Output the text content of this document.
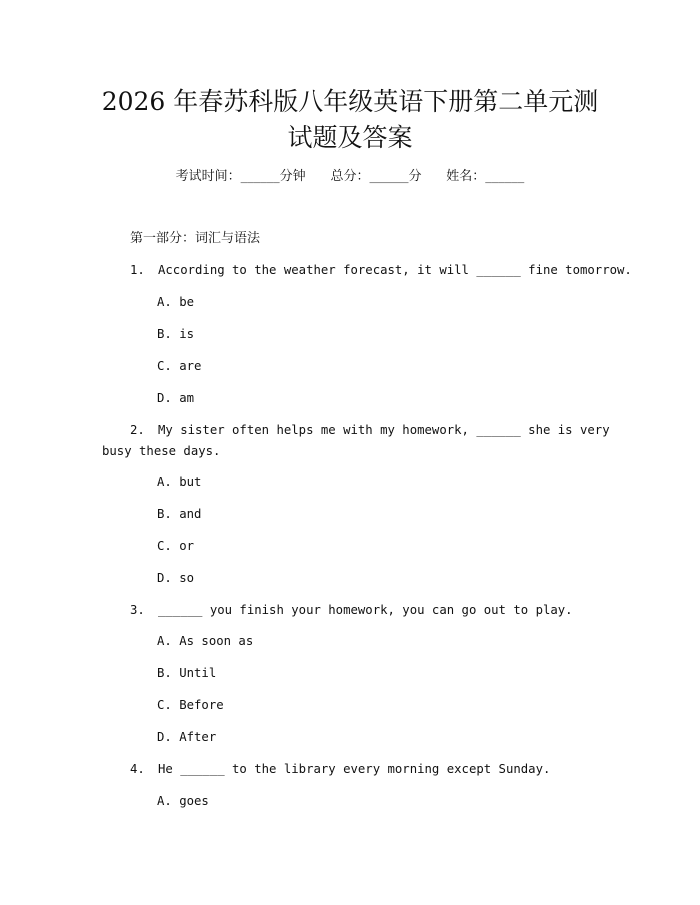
2026 年春苏科版八年级英语下册第二单元测
试题及答案
考试时间：______分钟 总分：______分 姓名：______
第一部分：词汇与语法
1.	According to the weather forecast, it will ______ fine tomorrow.
A. be
B. is
C. are
D. am
2.	My sister often helps me with my homework, ______ she is very
busy these days.
A. but
B. and
C. or
D. so
3.	______ you finish your homework, you can go out to play.
A. As soon as
B. Until
C. Before
D. After
4.	He ______ to the library every morning except Sunday.
A. goes
